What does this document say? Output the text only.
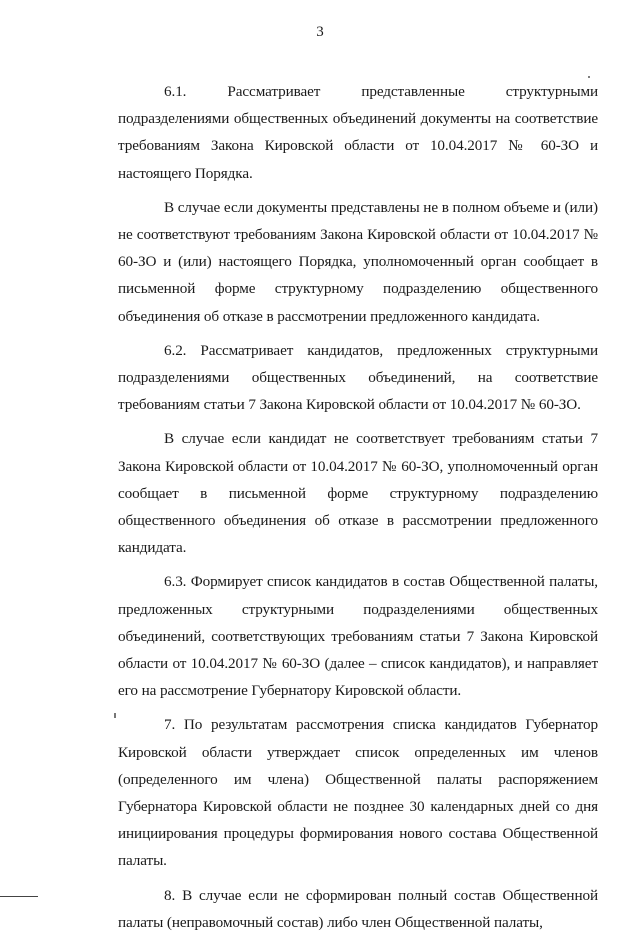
3

6.1. Рассматривает представленные структурными подразделениями общественных объединений документы на соответствие требованиям Закона Кировской области от 10.04.2017 № 60-ЗО и настоящего Порядка.

В случае если документы представлены не в полном объеме и (или) не соответствуют требованиям Закона Кировской области от 10.04.2017 № 60-ЗО и (или) настоящего Порядка, уполномоченный орган сообщает в письменной форме структурному подразделению общественного объединения об отказе в рассмотрении предложенного кандидата.

6.2. Рассматривает кандидатов, предложенных структурными подразделениями общественных объединений, на соответствие требованиям статьи 7 Закона Кировской области от 10.04.2017 № 60-ЗО.

В случае если кандидат не соответствует требованиям статьи 7 Закона Кировской области от 10.04.2017 № 60-ЗО, уполномоченный орган сообщает в письменной форме структурному подразделению общественного объединения об отказе в рассмотрении предложенного кандидата.

6.3. Формирует список кандидатов в состав Общественной палаты, предложенных структурными подразделениями общественных объединений, соответствующих требованиям статьи 7 Закона Кировской области от 10.04.2017 № 60-ЗО (далее – список кандидатов), и направляет его на рассмотрение Губернатору Кировской области.

7. По результатам рассмотрения списка кандидатов Губернатор Кировской области утверждает список определенных им членов (определенного им члена) Общественной палаты распоряжением Губернатора Кировской области не позднее 30 календарных дней со дня инициирования процедуры формирования нового состава Общественной палаты.

8. В случае если не сформирован полный состав Общественной палаты (неправомочный состав) либо член Общественной палаты,
